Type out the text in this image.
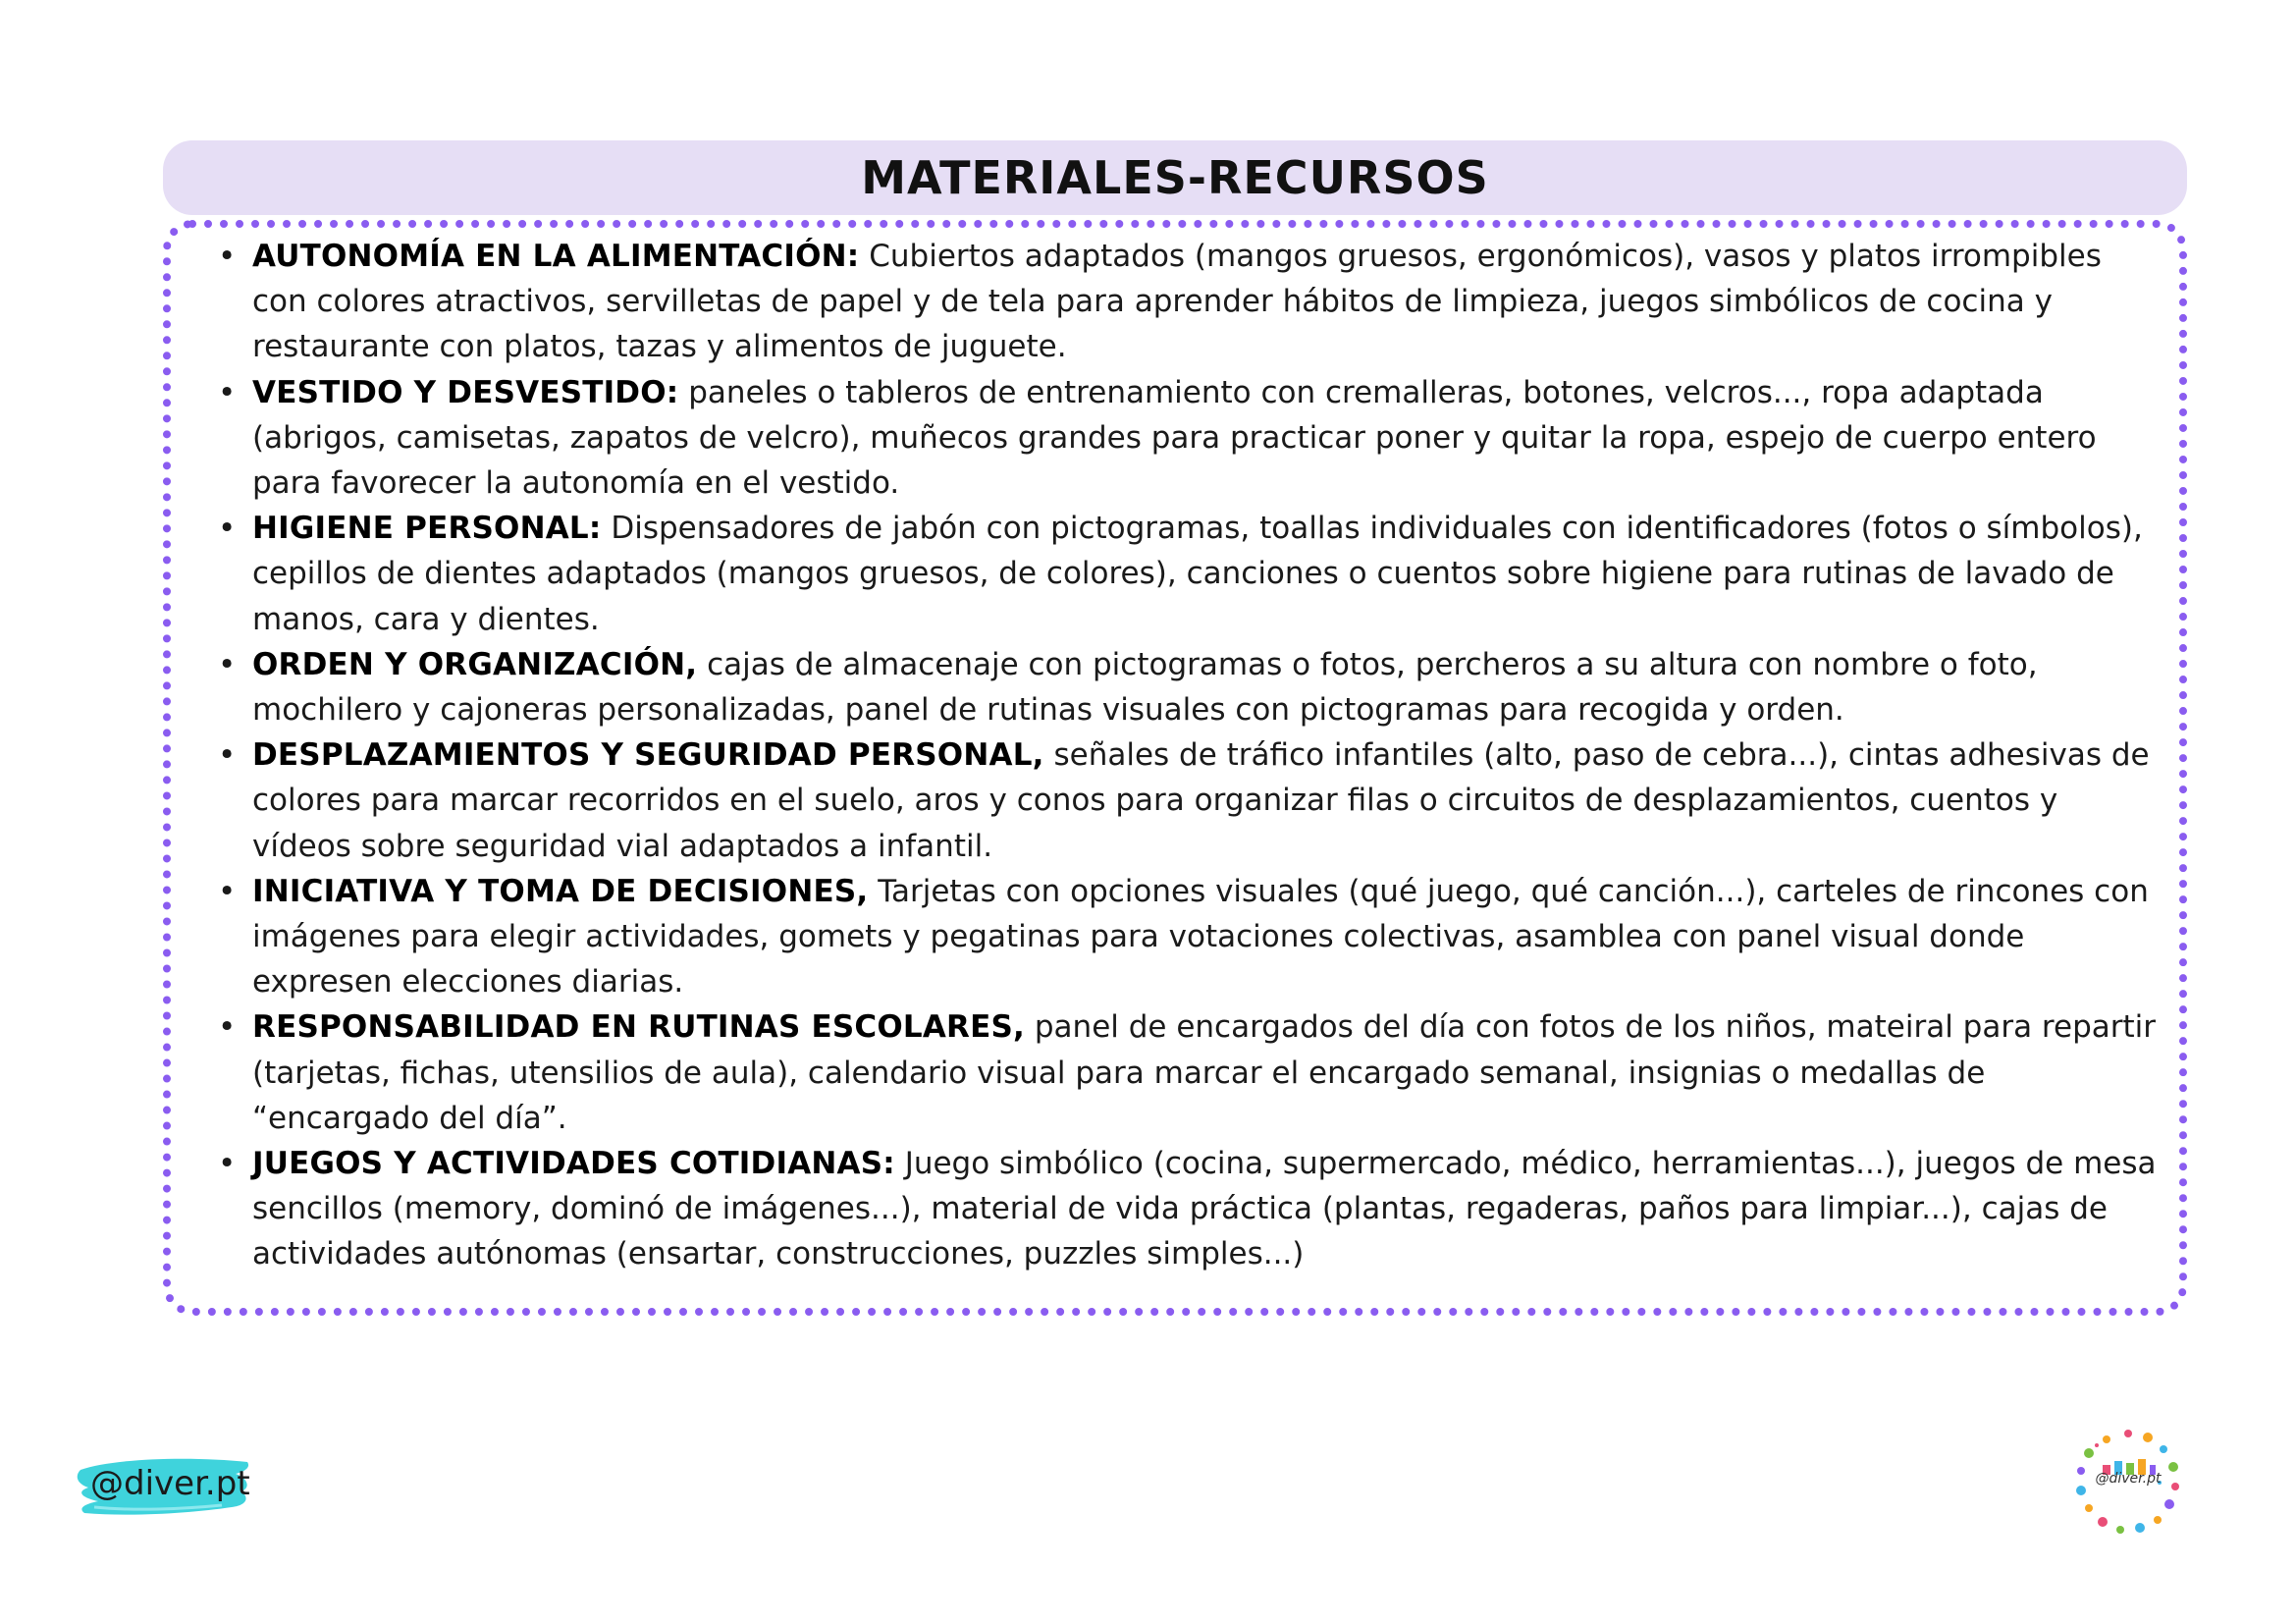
MATERIALES-RECURSOS
• AUTONOMÍA EN LA ALIMENTACIÓN: Cubiertos adaptados (mangos gruesos, ergonómicos), vasos y platos irrompibles con colores atractivos, servilletas de papel y de tela para aprender hábitos de limpieza, juegos simbólicos de cocina y restaurante con platos, tazas y alimentos de juguete.
• VESTIDO Y DESVESTIDO: paneles o tableros de entrenamiento con cremalleras, botones, velcros..., ropa adaptada (abrigos, camisetas, zapatos de velcro), muñecos grandes para practicar poner y quitar la ropa, espejo de cuerpo entero para favorecer la autonomía en el vestido.
• HIGIENE PERSONAL: Dispensadores de jabón con pictogramas, toallas individuales con identificadores (fotos o símbolos), cepillos de dientes adaptados (mangos gruesos, de colores), canciones o cuentos sobre higiene para rutinas de lavado de manos, cara y dientes.
• ORDEN Y ORGANIZACIÓN, cajas de almacenaje con pictogramas o fotos, percheros a su altura con nombre o foto, mochilero y cajoneras personalizadas, panel de rutinas visuales con pictogramas para recogida y orden.
• DESPLAZAMIENTOS Y SEGURIDAD PERSONAL, señales de tráfico infantiles (alto, paso de cebra...), cintas adhesivas de colores para marcar recorridos en el suelo, aros y conos para organizar filas o circuitos de desplazamientos, cuentos y vídeos sobre seguridad vial adaptados a infantil.
• INICIATIVA Y TOMA DE DECISIONES, Tarjetas con opciones visuales (qué juego, qué canción...), carteles de rincones con imágenes para elegir actividades, gomets y pegatinas para votaciones colectivas, asamblea con panel visual donde expresen elecciones diarias.
• RESPONSABILIDAD EN RUTINAS ESCOLARES, panel de encargados del día con fotos de los niños, mateiral para repartir (tarjetas, fichas, utensilios de aula), calendario visual para marcar el encargado semanal, insignias o medallas de “encargado del día”.
• JUEGOS Y ACTIVIDADES COTIDIANAS: Juego simbólico (cocina, supermercado, médico, herramientas...), juegos de mesa sencillos (memory, dominó de imágenes...), material de vida práctica (plantas, regaderas, paños para limpiar...), cajas de actividades autónomas (ensartar, construcciones, puzzles simples...)
@diver.pt	@diver.pt
